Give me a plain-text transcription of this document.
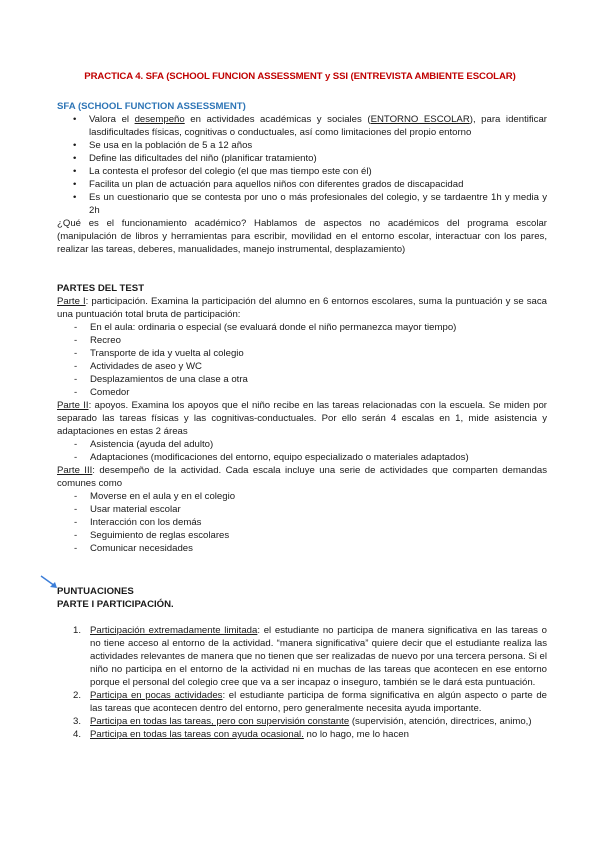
PRACTICA 4. SFA (SCHOOL FUNCION ASSESSMENT y SSI (ENTREVISTA AMBIENTE ESCOLAR)
SFA (SCHOOL FUNCTION ASSESSMENT)
• Valora el desempeño en actividades académicas y sociales (ENTORNO ESCOLAR), para identificar lasdificultades físicas, cognitivas o conductuales, así como limitaciones del propio entorno
• Se usa en la población de 5 a 12 años
• Define las dificultades del niño (planificar tratamiento)
• La contesta el profesor del colegio (el que mas tiempo este con él)
• Facilita un plan de actuación para aquellos niños con diferentes grados de discapacidad
• Es un cuestionario que se contesta por uno o más profesionales del colegio, y se tardaentre 1h y media y 2h

¿Qué es el funcionamiento académico? Hablamos de aspectos no académicos del programa escolar (manipulación de libros y herramientas para escribir, movilidad en el entorno escolar, interactuar con los pares, realizar las tareas, deberes, manualidades, manejo instrumental, desplazamiento)

PARTES DEL TEST

Parte I: participación. Examina la participación del alumno en 6 entornos escolares, suma la puntuación y se saca una puntuación total bruta de participación:

- En el aula: ordinaria o especial (se evaluará donde el niño permanezca mayor tiempo)
- Recreo
- Transporte de ida y vuelta al colegio
- Actividades de aseo y WC
- Desplazamientos de una clase a otra
- Comedor

Parte II: apoyos. Examina los apoyos que el niño recibe en las tareas relacionadas con la escuela. Se miden por separado las tareas físicas y las cognitivas-conductuales. Por ello serán 4 escalas en 1, mide asistencia y adaptaciones en estas 2 áreas

- Asistencia (ayuda del adulto)
- Adaptaciones (modificaciones del entorno, equipo especializado o materiales adaptados)

Parte III: desempeño de la actividad. Cada escala incluye una serie de actividades que comparten demandas comunes como

- Moverse en el aula y en el colegio
- Usar material escolar
- Interacción con los demás
- Seguimiento de reglas escolares
- Comunicar necesidades
PUNTUACIONES
PARTE I PARTICIPACIÓN.
1. Participación extremadamente limitada: el estudiante no participa de manera significativa en las tareas o no tiene acceso al entorno de la actividad. “manera significativa” quiere decir que el estudiante realiza las actividades relevantes de manera que no tienen que ser realizadas de nuevo por una tercera persona. Si el niño no participa en el entorno de la actividad ni en muchas de las tareas que acontecen en ese entorno porque el personal del colegio cree que va a ser incapaz o inseguro, también se le dará esta puntuación.
2. Participa en pocas actividades: el estudiante participa de forma significativa en algún aspecto o parte de las tareas que acontecen dentro del entorno, pero generalmente necesita ayuda importante.
3. Participa en todas las tareas, pero con supervisión constante (supervisión, atención, directrices, animo,)
4. Participa en todas las tareas con ayuda ocasional. no lo hago, me lo hacen
